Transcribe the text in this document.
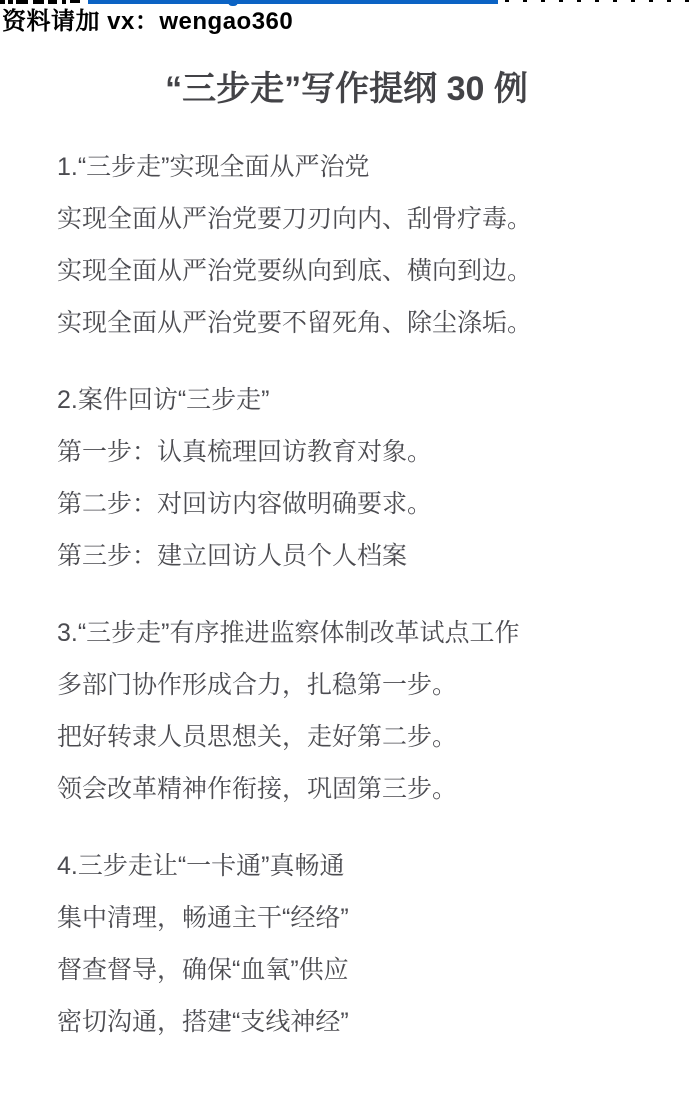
资料请加 vx：wengao360
“三步走”写作提纲 30 例

1.“三步走”实现全面从严治党

实现全面从严治党要刀刃向内、刮骨疗毒。

实现全面从严治党要纵向到底、横向到边。

实现全面从严治党要不留死角、除尘涤垢。

2.案件回访“三步走”

第一步：认真梳理回访教育对象。

第二步：对回访内容做明确要求。

第三步：建立回访人员个人档案

3.“三步走”有序推进监察体制改革试点工作

多部门协作形成合力，扎稳第一步。

把好转隶人员思想关，走好第二步。

领会改革精神作衔接，巩固第三步。

4.三步走让“一卡通”真畅通

集中清理，畅通主干“经络”

督查督导，确保“血氧”供应

密切沟通，搭建“支线神经”
